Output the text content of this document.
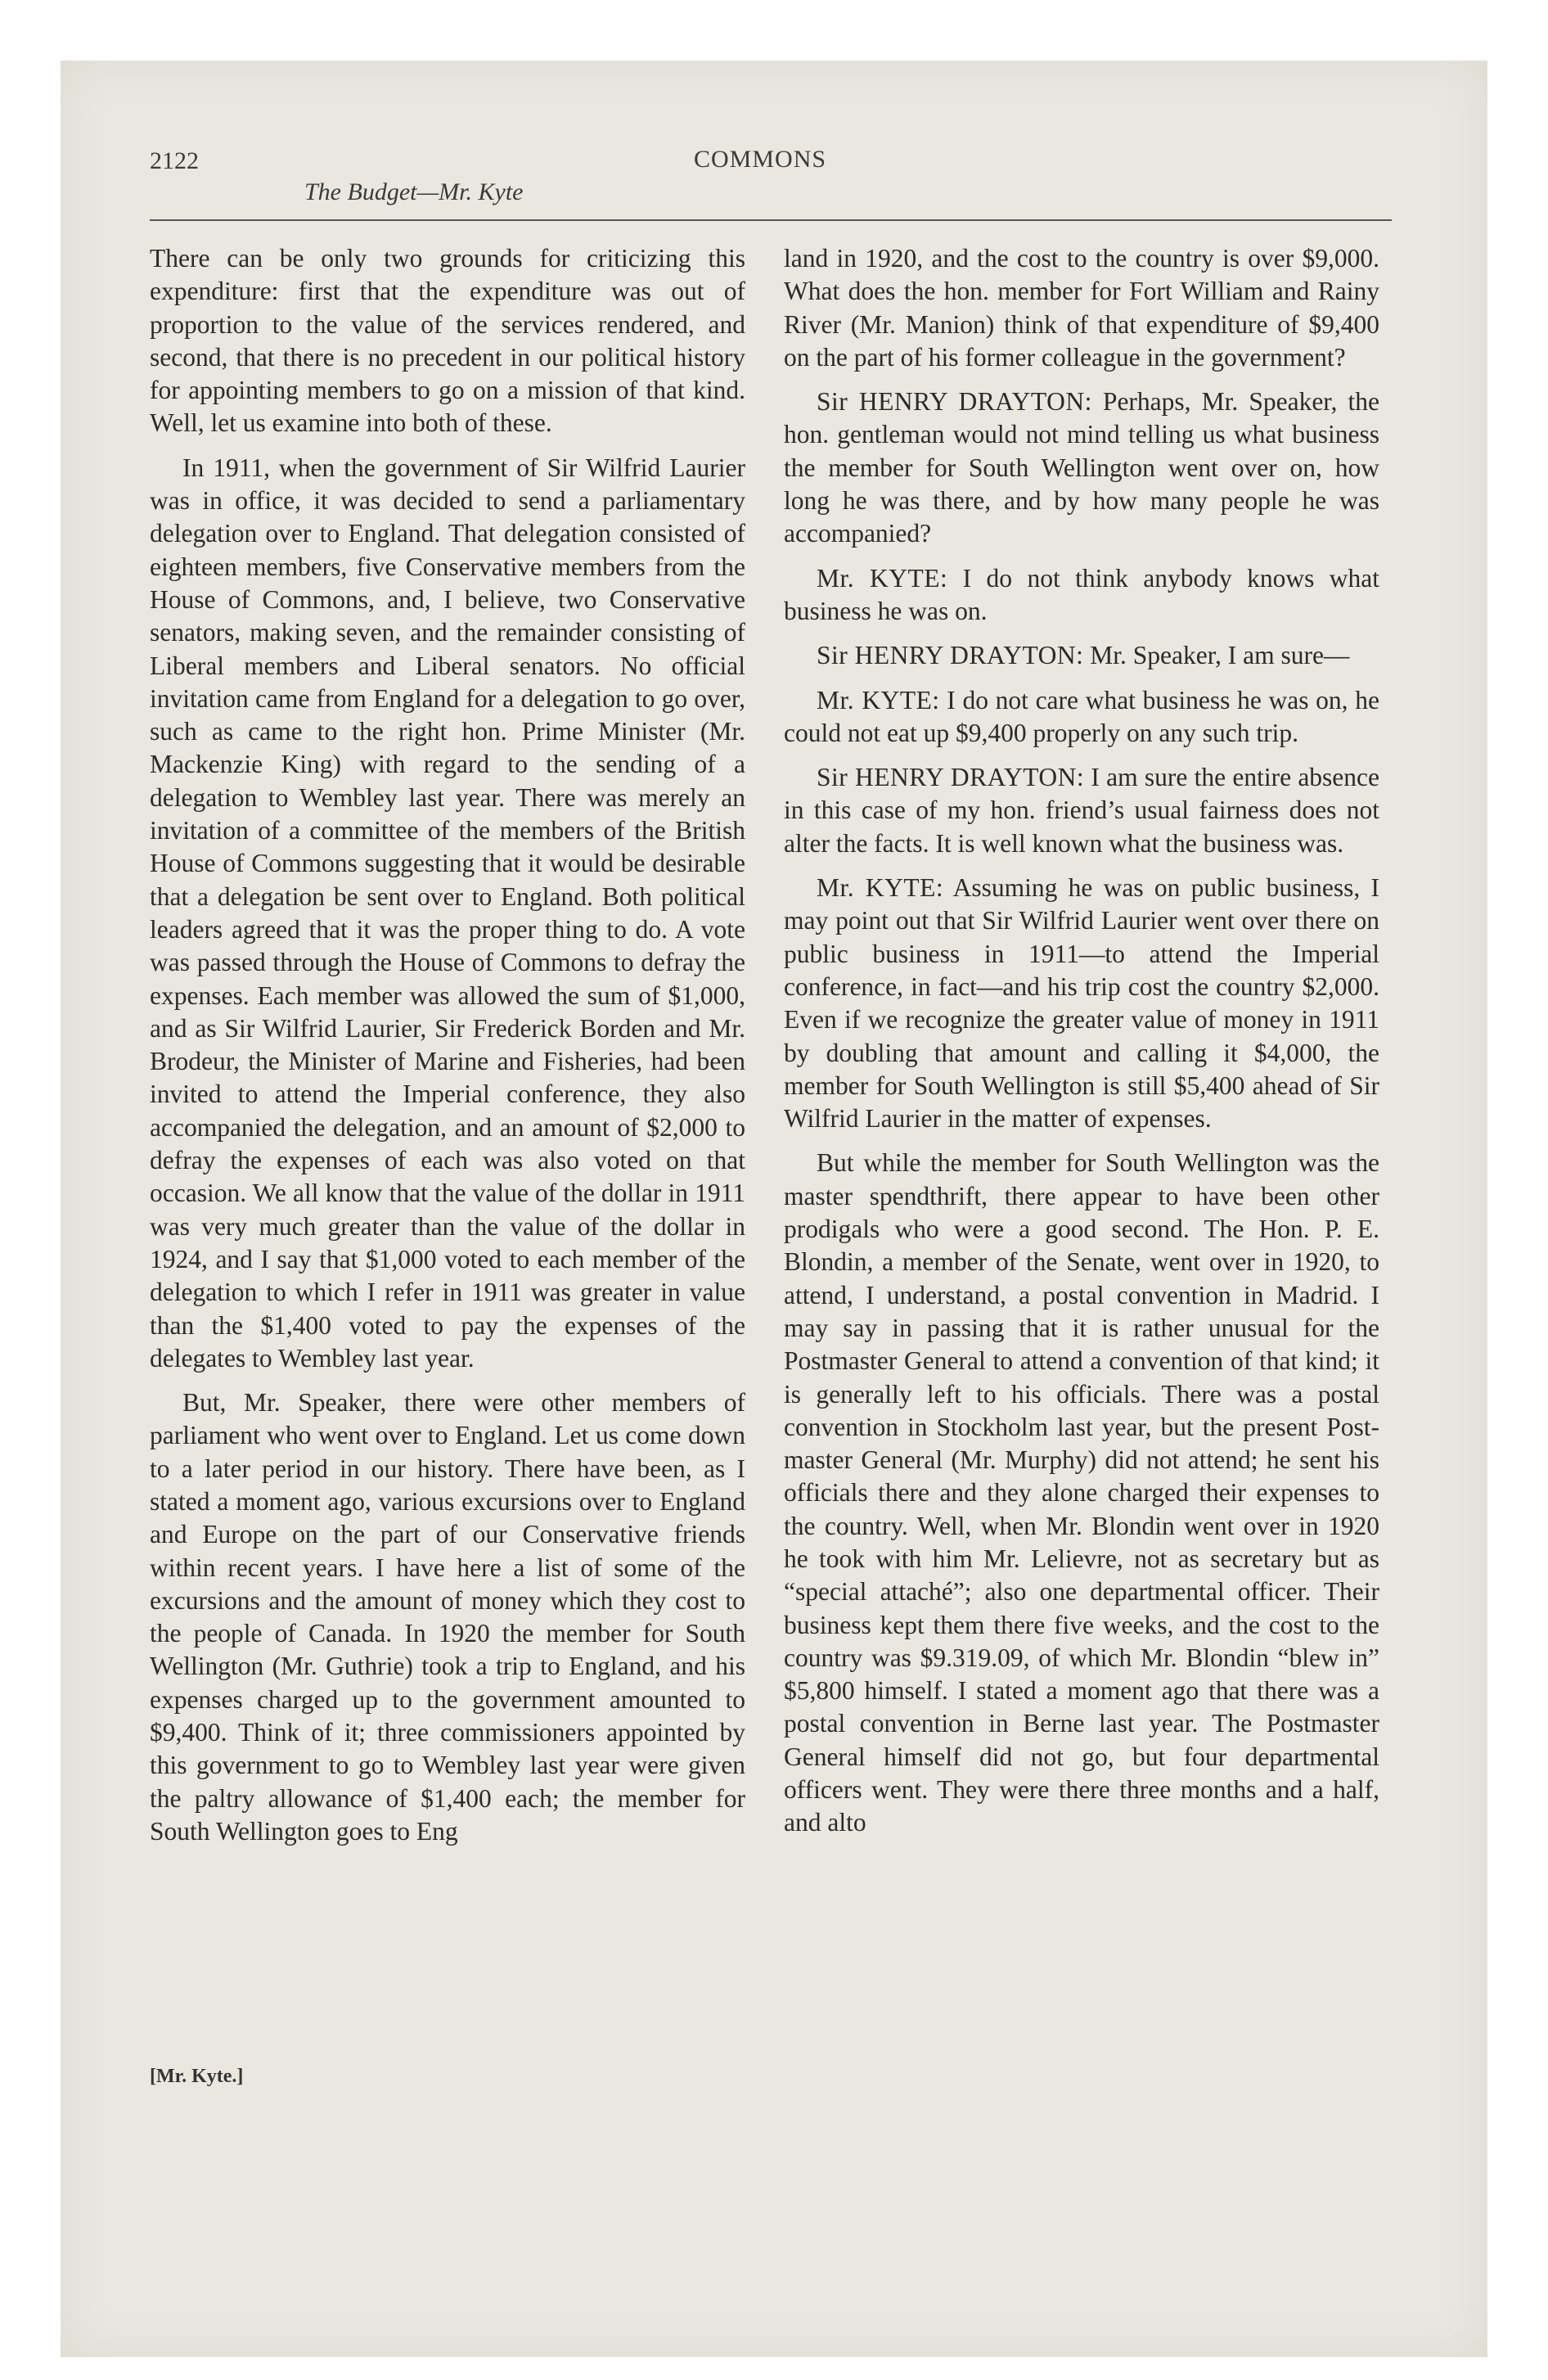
2122	COMMONS
The Budget—Mr. Kyte

There can be only two grounds for criticizing this expenditure: first that the expenditure was out of proportion to the value of the services rendered, and second, that there is no precedent in our political history for appointing members to go on a mission of that kind. Well, let us examine into both of these.

In 1911, when the government of Sir Wilfrid Laurier was in office, it was decided to send a parliamentary delegation over to England. That delegation consisted of eighteen members, five Conservative members from the House of Commons, and, I believe, two Conservative senators, making seven, and the remainder consisting of Liberal members and Liberal senators. No official invitation came from England for a delegation to go over, such as came to the right hon. Prime Minister (Mr. Mackenzie King) with regard to the sending of a delegation to Wembley last year. There was merely an invitation of a committee of the members of the British House of Commons suggesting that it would be desirable that a delegation be sent over to England. Both political leaders agreed that it was the proper thing to do. A vote was passed through the House of Commons to defray the expenses. Each member was allowed the sum of $1,000, and as Sir Wilfrid Laurier, Sir Frederick Borden and Mr. Brodeur, the Minister of Marine and Fisheries, had been invited to attend the Imperial conference, they also accompanied the delegation, and an amount of $2,000 to defray the expenses of each was also voted on that occasion. We all know that the value of the dollar in 1911 was very much greater than the value of the dollar in 1924, and I say that $1,000 voted to each member of the delegation to which I refer in 1911 was greater in value than the $1,400 voted to pay the expenses of the delegates to Wembley last year.

But, Mr. Speaker, there were other members of parliament who went over to England. Let us come down to a later period in our history. There have been, as I stated a moment ago, various excursions over to England and Europe on the part of our Conservative friends within recent years. I have here a list of some of the excursions and the amount of money which they cost to the people of Canada. In 1920 the member for South Wellington (Mr. Guthrie) took a trip to England, and his expenses charged up to the government amounted to $9,400. Think of it; three commissioners appointed by this government to go to Wembley last year were given the paltry allowance of $1,400 each; the member for South Wellington goes to Eng

land in 1920, and the cost to the country is over $9,000. What does the hon. member for Fort William and Rainy River (Mr. Manion) think of that expenditure of $9,400 on the part of his former colleague in the government?

Sir HENRY DRAYTON: Perhaps, Mr. Speaker, the hon. gentleman would not mind telling us what business the member for South Wellington went over on, how long he was there, and by how many people he was accompanied?

Mr. KYTE: I do not think anybody knows what business he was on.

Sir HENRY DRAYTON: Mr. Speaker, I am sure—

Mr. KYTE: I do not care what business he was on, he could not eat up $9,400 properly on any such trip.

Sir HENRY DRAYTON: I am sure the entire absence in this case of my hon. friend’s usual fairness does not alter the facts. It is well known what the business was.

Mr. KYTE: Assuming he was on public business, I may point out that Sir Wilfrid Laurier went over there on public business in 1911—to attend the Imperial conference, in fact—and his trip cost the country $2,000. Even if we recognize the greater value of money in 1911 by doubling that amount and calling it $4,000, the member for South Wellington is still $5,400 ahead of Sir Wilfrid Laurier in the matter of expenses.

But while the member for South Wellington was the master spendthrift, there appear to have been other prodigals who were a good second. The Hon. P. E. Blondin, a member of the Senate, went over in 1920, to attend, I understand, a postal convention in Madrid. I may say in passing that it is rather unusual for the Postmaster General to attend a convention of that kind; it is generally left to his officials. There was a postal convention in Stockholm last year, but the present Postmaster General (Mr. Murphy) did not attend; he sent his officials there and they alone charged their expenses to the country. Well, when Mr. Blondin went over in 1920 he took with him Mr. Lelievre, not as secretary but as “special attaché”; also one departmental officer. Their business kept them there five weeks, and the cost to the country was $9.319.09, of which Mr. Blondin “blew in” $5,800 himself. I stated a moment ago that there was a postal convention in Berne last year. The Postmaster General himself did not go, but four departmental officers went. They were there three months and a half, and alto

[Mr. Kyte.]
